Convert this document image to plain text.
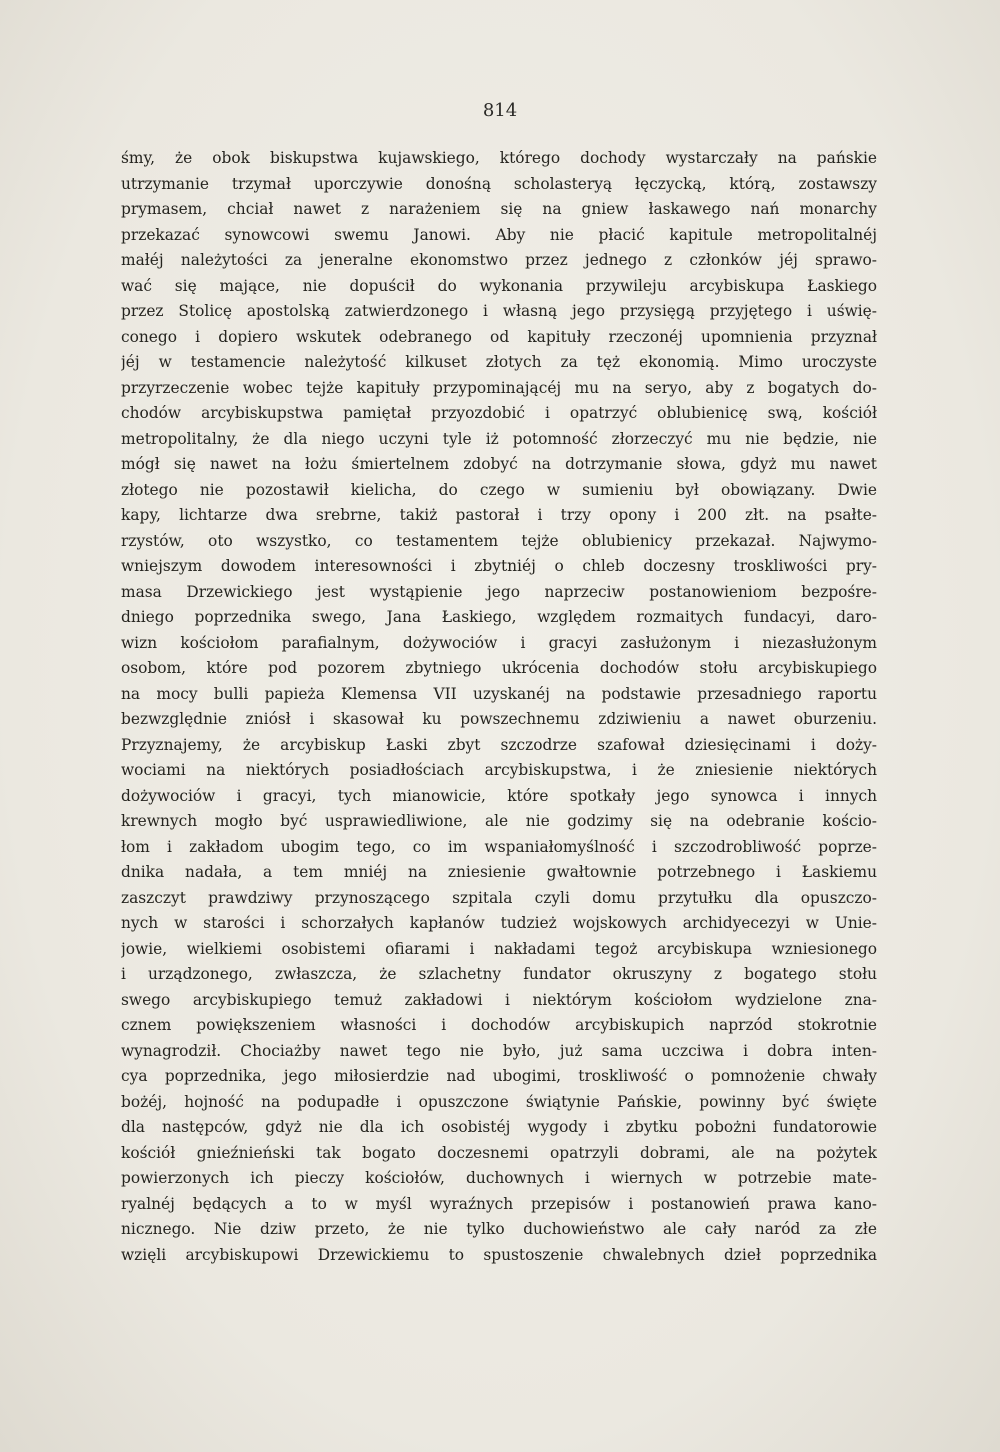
814
śmy, że obok biskupstwa kujawskiego, którego dochody wystarczały na pańskie
utrzymanie trzymał uporczywie donośną scholasteryą łęczycką, którą, zostawszy
prymasem, chciał nawet z narażeniem się na gniew łaskawego nań monarchy
przekazać synowcowi swemu Janowi. Aby nie płacić kapitule metropolitalnéj
małéj należytości za jeneralne ekonomstwo przez jednego z członków jéj sprawo-
wać się mające, nie dopuścił do wykonania przywileju arcybiskupa Łaskiego
przez Stolicę apostolską zatwierdzonego i własną jego przysięgą przyjętego i uświę-
conego i dopiero wskutek odebranego od kapituły rzeczonéj upomnienia przyznał
jéj w testamencie należytość kilkuset złotych za tęż ekonomią. Mimo uroczyste
przyrzeczenie wobec tejże kapituły przypominającéj mu na seryo, aby z bogatych do-
chodów arcybiskupstwa pamiętał przyozdobić i opatrzyć oblubienicę swą, kościół
metropolitalny, że dla niego uczyni tyle iż potomność złorzeczyć mu nie będzie, nie
mógł się nawet na łożu śmiertelnem zdobyć na dotrzymanie słowa, gdyż mu nawet
złotego nie pozostawił kielicha, do czego w sumieniu był obowiązany. Dwie
kapy, lichtarze dwa srebrne, takiż pastorał i trzy opony i 200 złt. na psałte-
rzystów, oto wszystko, co testamentem tejże oblubienicy przekazał. Najwymo-
wniejszym dowodem interesowności i zbytniéj o chleb doczesny troskliwości pry-
masa Drzewickiego jest wystąpienie jego naprzeciw postanowieniom bezpośre-
dniego poprzednika swego, Jana Łaskiego, względem rozmaitych fundacyi, daro-
wizn kościołom parafialnym, dożywociów i gracyi zasłużonym i niezasłużonym
osobom, które pod pozorem zbytniego ukrócenia dochodów stołu arcybiskupiego
na mocy bulli papieża Klemensa VII uzyskanéj na podstawie przesadniego raportu
bezwzględnie zniósł i skasował ku powszechnemu zdziwieniu a nawet oburzeniu.
Przyznajemy, że arcybiskup Łaski zbyt szczodrze szafował dziesięcinami i doży-
wociami na niektórych posiadłościach arcybiskupstwa, i że zniesienie niektórych
dożywociów i gracyi, tych mianowicie, które spotkały jego synowca i innych
krewnych mogło być usprawiedliwione, ale nie godzimy się na odebranie kościo-
łom i zakładom ubogim tego, co im wspaniałomyślność i szczodrobliwość poprze-
dnika nadała, a tem mniéj na zniesienie gwałtownie potrzebnego i Łaskiemu
zaszczyt prawdziwy przynoszącego szpitala czyli domu przytułku dla opuszczo-
nych w starości i schorzałych kapłanów tudzież wojskowych archidyecezyi w Unie-
jowie, wielkiemi osobistemi ofiarami i nakładami tegoż arcybiskupa wzniesionego
i urządzonego, zwłaszcza, że szlachetny fundator okruszyny z bogatego stołu
swego arcybiskupiego temuż zakładowi i niektórym kościołom wydzielone zna-
cznem powiększeniem własności i dochodów arcybiskupich naprzód stokrotnie
wynagrodził. Chociażby nawet tego nie było, już sama uczciwa i dobra inten-
cya poprzednika, jego miłosierdzie nad ubogimi, troskliwość o pomnożenie chwały
bożéj, hojność na podupadłe i opuszczone świątynie Pańskie, powinny być święte
dla następców, gdyż nie dla ich osobistéj wygody i zbytku pobożni fundatorowie
kościół gnieźnieński tak bogato doczesnemi opatrzyli dobrami, ale na pożytek
powierzonych ich pieczy kościołów, duchownych i wiernych w potrzebie mate-
ryalnéj będących a to w myśl wyraźnych przepisów i postanowień prawa kano-
nicznego. Nie dziw przeto, że nie tylko duchowieństwo ale cały naród za złe
wzięli arcybiskupowi Drzewickiemu to spustoszenie chwalebnych dzieł poprzednika
